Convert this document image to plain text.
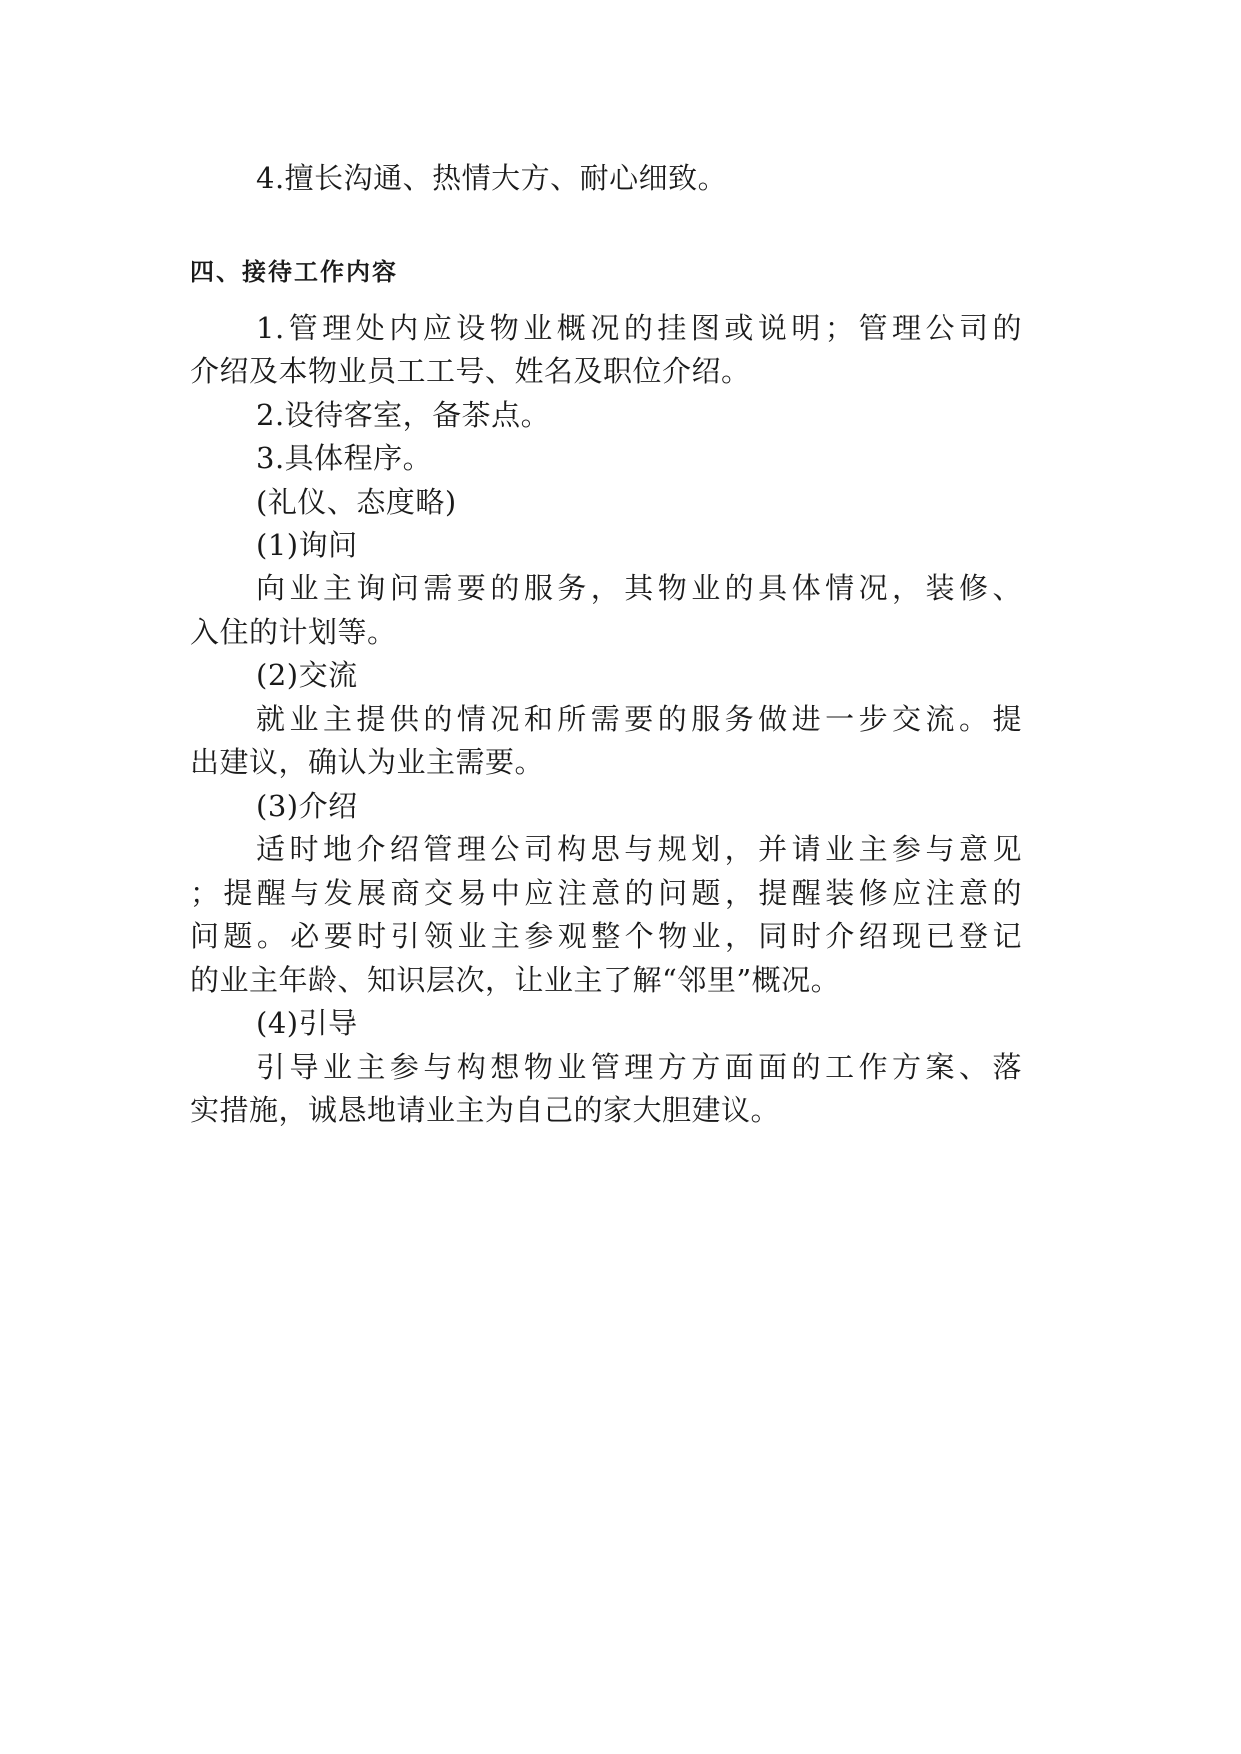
4.擅长沟通、热情大方、耐心细致。
四、接待工作内容
1.管理处内应设物业概况的挂图或说明；管理公司的
介绍及本物业员工工号、姓名及职位介绍。
2.设待客室，备茶点。
3.具体程序。
(礼仪、态度略)
(1)询问
向业主询问需要的服务，其物业的具体情况，装修、
入住的计划等。
(2)交流
就业主提供的情况和所需要的服务做进一步交流。提
出建议，确认为业主需要。
(3)介绍
适时地介绍管理公司构思与规划，并请业主参与意见
；提醒与发展商交易中应注意的问题，提醒装修应注意的
问题。必要时引领业主参观整个物业，同时介绍现已登记
的业主年龄、知识层次，让业主了解“邻里”概况。
(4)引导
引导业主参与构想物业管理方方面面的工作方案、落
实措施，诚恳地请业主为自己的家大胆建议。
